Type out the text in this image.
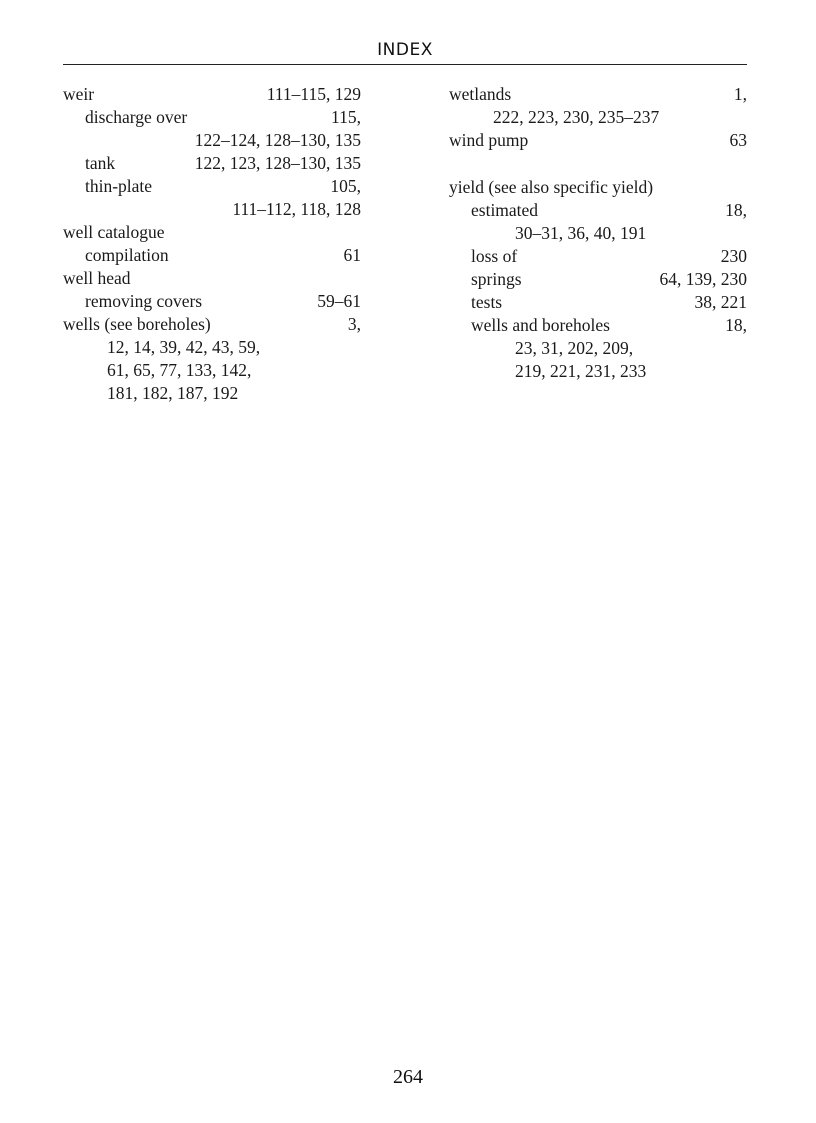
INDEX
weir	111–115, 129
discharge over	115,
122–124, 128–130, 135
tank	122, 123, 128–130, 135
thin-plate	105,
111–112, 118, 128
well catalogue
compilation	61
well head
removing covers	59–61
wells (see boreholes)	3,
12, 14, 39, 42, 43, 59,
61, 65, 77, 133, 142,
181, 182, 187, 192
wetlands	1,
222, 223, 230, 235–237
wind pump	63
yield (see also specific yield)
estimated	18,
30–31, 36, 40, 191
loss of	230
springs	64, 139, 230
tests	38, 221
wells and boreholes	18,
23, 31, 202, 209,
219, 221, 231, 233
264
